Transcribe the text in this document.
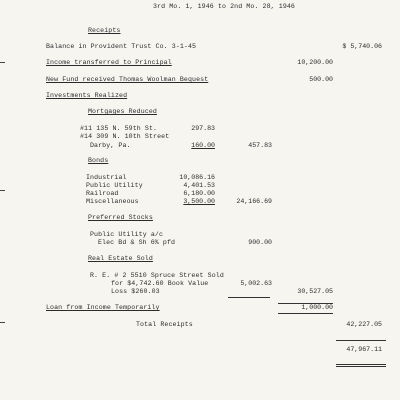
3rd Mo. 1, 1946 to 2nd Mo. 28, 1946
Receipts
Balance in Provident Trust Co. 3-1-45	$ 5,740.06
Income transferred to Principal	10,200.00
New Fund received Thomas Woolman Bequest	500.00
Investments Realized
Mortgages Reduced
#11 135 N. 59th St.	297.83
#14 309 N. 10th Street
Darby, Pa.	160.00	457.83
Bonds
Industrial	10,086.16
Public Utility	4,401.53
Railroad	6,180.00
Miscellaneous	3,500.00	24,166.69
Preferred Stocks
Public Utility a/c
Elec Bd & Sh 6% pfd	900.00
Real Estate Sold
R. E. # 2 5510 Spruce Street Sold
for $4,742.60 Book Value	5,002.63
Loss $260.03	30,527.05
Loan from Income Temporarily	1,000.00
Total Receipts	42,227.05
47,967.11
